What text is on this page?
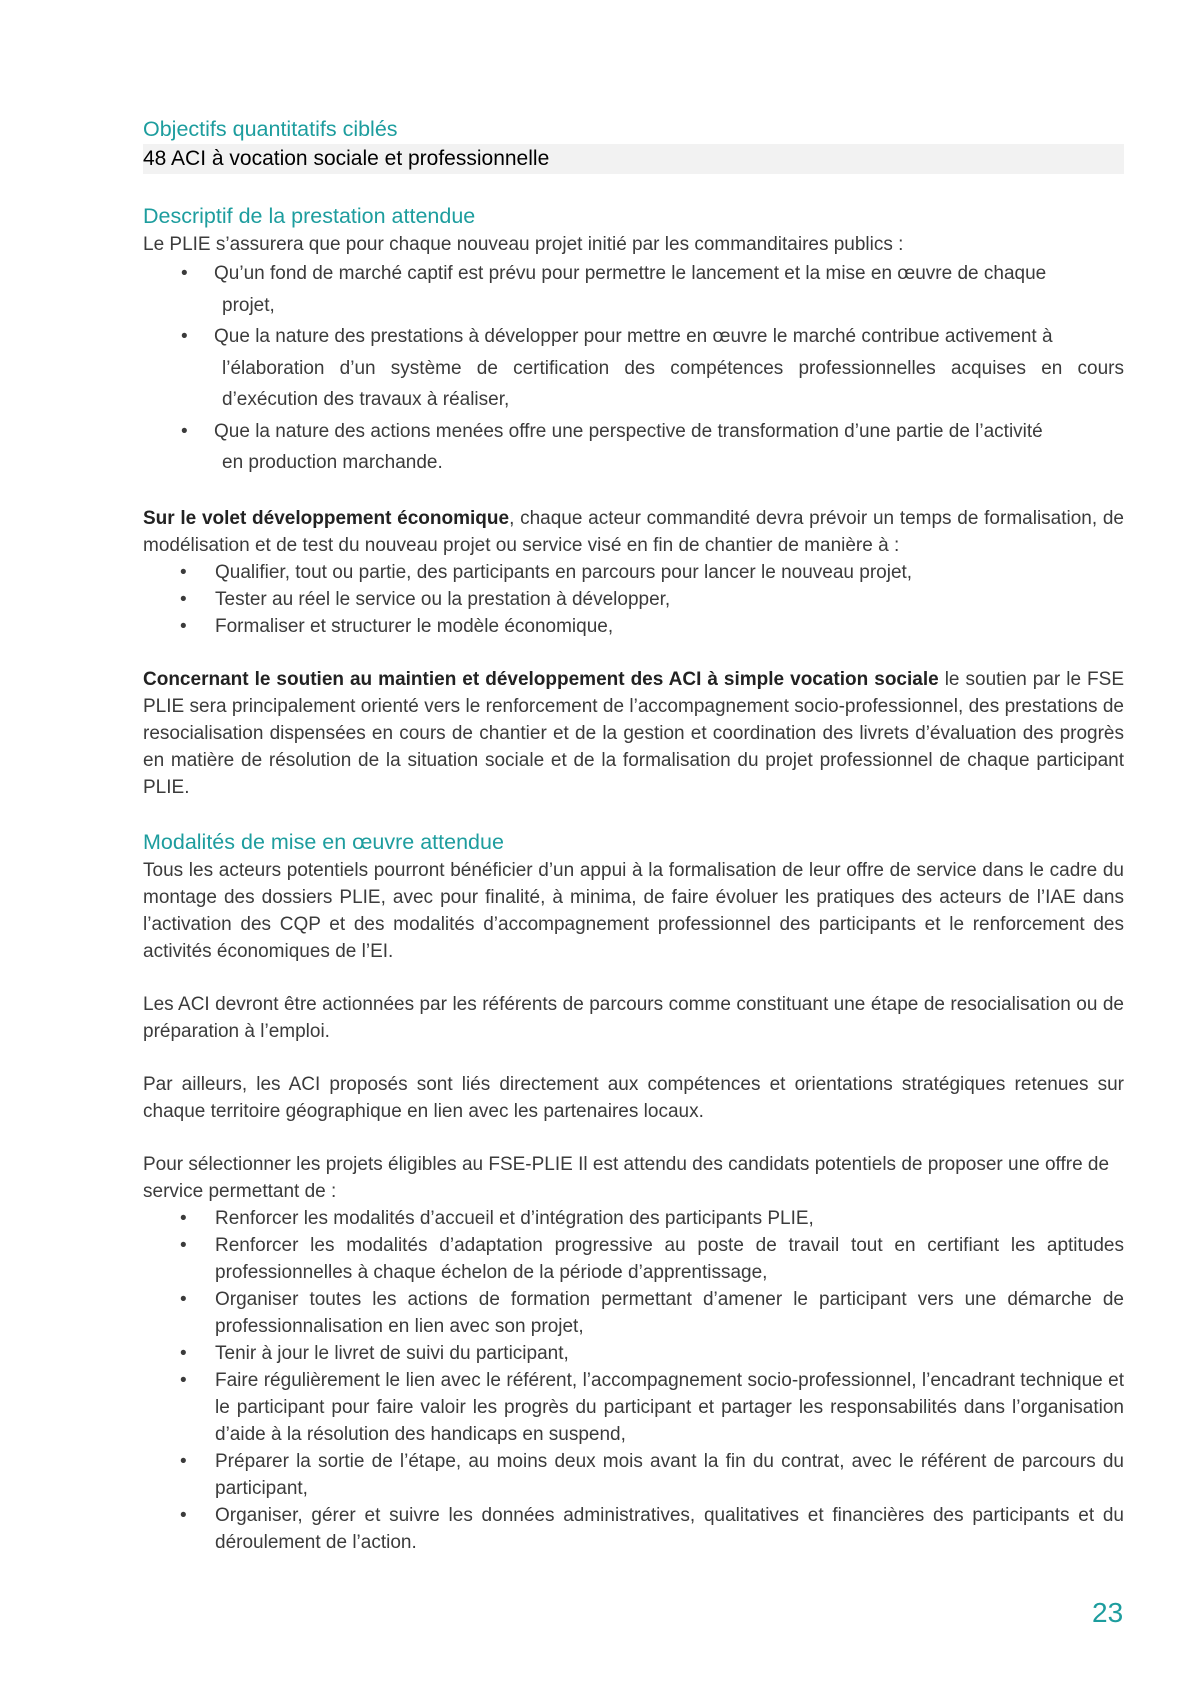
Objectifs quantitatifs ciblés
48 ACI à vocation sociale et professionnelle
Descriptif de la prestation attendue

Le PLIE s’assurera que pour chaque nouveau projet initié par les commanditaires publics :

• Qu’un fond de marché captif est prévu pour permettre le lancement et la mise en œuvre de chaque
projet,
• Que la nature des prestations à développer pour mettre en œuvre le marché contribue activement à
l’élaboration d’un système de certification des compétences professionnelles acquises en cours d’exécution des travaux à réaliser,
• Que la nature des actions menées offre une perspective de transformation d’une partie de l’activité
en production marchande.

Sur le volet développement économique, chaque acteur commandité devra prévoir un temps de formalisation, de modélisation et de test du nouveau projet ou service visé en fin de chantier de manière à :

• Qualifier, tout ou partie, des participants en parcours pour lancer le nouveau projet,
• Tester au réel le service ou la prestation à développer,
• Formaliser et structurer le modèle économique,

Concernant le soutien au maintien et développement des ACI à simple vocation sociale le soutien par le FSE PLIE sera principalement orienté vers le renforcement de l’accompagnement socio-professionnel, des prestations de resocialisation dispensées en cours de chantier et de la gestion et coordination des livrets d’évaluation des progrès en matière de résolution de la situation sociale et de la formalisation du projet professionnel de chaque participant PLIE.

Modalités de mise en œuvre attendue

Tous les acteurs potentiels pourront bénéficier d’un appui à la formalisation de leur offre de service dans le cadre du montage des dossiers PLIE, avec pour finalité, à minima, de faire évoluer les pratiques des acteurs de l’IAE dans l’activation des CQP et des modalités d’accompagnement professionnel des participants et le renforcement des activités économiques de l’EI.

Les ACI devront être actionnées par les référents de parcours comme constituant une étape de resocialisation ou de préparation à l’emploi.

Par ailleurs, les ACI proposés sont liés directement aux compétences et orientations stratégiques retenues sur chaque territoire géographique en lien avec les partenaires locaux.

Pour sélectionner les projets éligibles au FSE-PLIE Il est attendu des candidats potentiels de proposer une offre de service permettant de :

• Renforcer les modalités d’accueil et d’intégration des participants PLIE,
• Renforcer les modalités d’adaptation progressive au poste de travail tout en certifiant les aptitudes professionnelles à chaque échelon de la période d’apprentissage,
• Organiser toutes les actions de formation permettant d’amener le participant vers une démarche de professionnalisation en lien avec son projet,
• Tenir à jour le livret de suivi du participant,
• Faire régulièrement le lien avec le référent, l’accompagnement socio-professionnel, l’encadrant technique et le participant pour faire valoir les progrès du participant et partager les responsabilités dans l’organisation d’aide à la résolution des handicaps en suspend,
• Préparer la sortie de l’étape, au moins deux mois avant la fin du contrat, avec le référent de parcours du participant,
• Organiser, gérer et suivre les données administratives, qualitatives et financières des participants et du déroulement de l’action.
23
